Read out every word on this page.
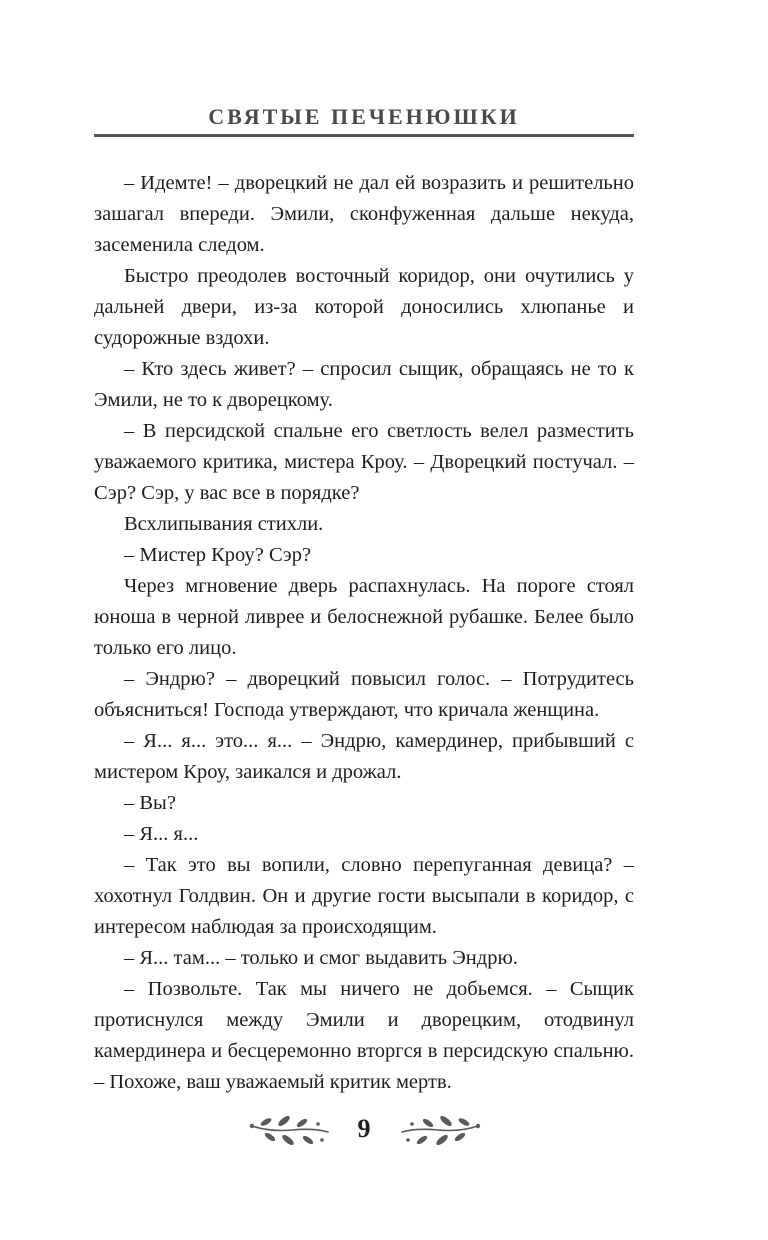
СВЯТЫЕ ПЕЧЕНЮШКИ

– Идемте! – дворецкий не дал ей возразить и решительно зашагал впереди. Эмили, сконфуженная дальше некуда, засеменила следом.

Быстро преодолев восточный коридор, они очутились у дальней двери, из-за которой доносились хлюпанье и судорожные вздохи.

– Кто здесь живет? – спросил сыщик, обращаясь не то к Эмили, не то к дворецкому.

– В персидской спальне его светлость велел разместить уважаемого критика, мистера Кроу. – Дворецкий постучал. – Сэр? Сэр, у вас все в порядке?

Всхлипывания стихли.

– Мистер Кроу? Сэр?

Через мгновение дверь распахнулась. На пороге стоял юноша в черной ливрее и белоснежной рубашке. Белее было только его лицо.

– Эндрю? – дворецкий повысил голос. – Потрудитесь объясниться! Господа утверждают, что кричала женщина.

– Я... я... это... я... – Эндрю, камердинер, прибывший с мистером Кроу, заикался и дрожал.

– Вы?

– Я... я...

– Так это вы вопили, словно перепуганная девица? – хохотнул Голдвин. Он и другие гости высыпали в коридор, с интересом наблюдая за происходящим.

– Я... там... – только и смог выдавить Эндрю.

– Позвольте. Так мы ничего не добьемся. – Сыщик протиснулся между Эмили и дворецким, отодвинул камердинера и бесцеремонно вторгся в персидскую спальню. – Похоже, ваш уважаемый критик мертв.

9
